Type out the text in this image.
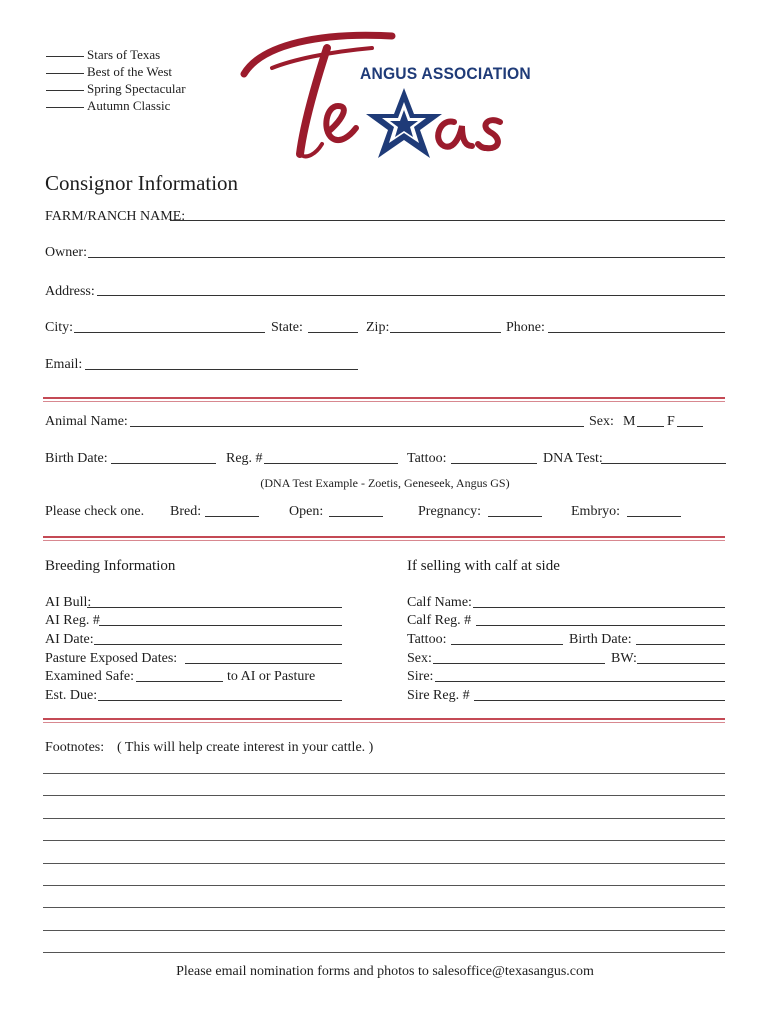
Stars of Texas
Best of the West
Spring Spectacular
Autumn Classic
ANGUS ASSOCIATION
Consignor Information
FARM/RANCH NAME:
Owner:
Address:
City:	State:	Zip:	Phone:
Email:
Animal Name:	Sex: M F
Birth Date:	Reg. #	Tattoo:	DNA Test:
(DNA Test Example - Zoetis, Geneseek, Angus GS)
Please check one. Bred:	Open:	Pregnancy:	Embryo:
Breeding Information
AI Bull:
AI Reg. #
AI Date:
Pasture Exposed Dates:
Examined Safe:	to AI or Pasture
Est. Due:
If selling with calf at side
Calf Name:
Calf Reg. #
Tattoo:	Birth Date:
Sex:	BW:
Sire:
Sire Reg. #
Footnotes: ( This will help create interest in your cattle. )
Please email nomination forms and photos to salesoffice@texasangus.com
